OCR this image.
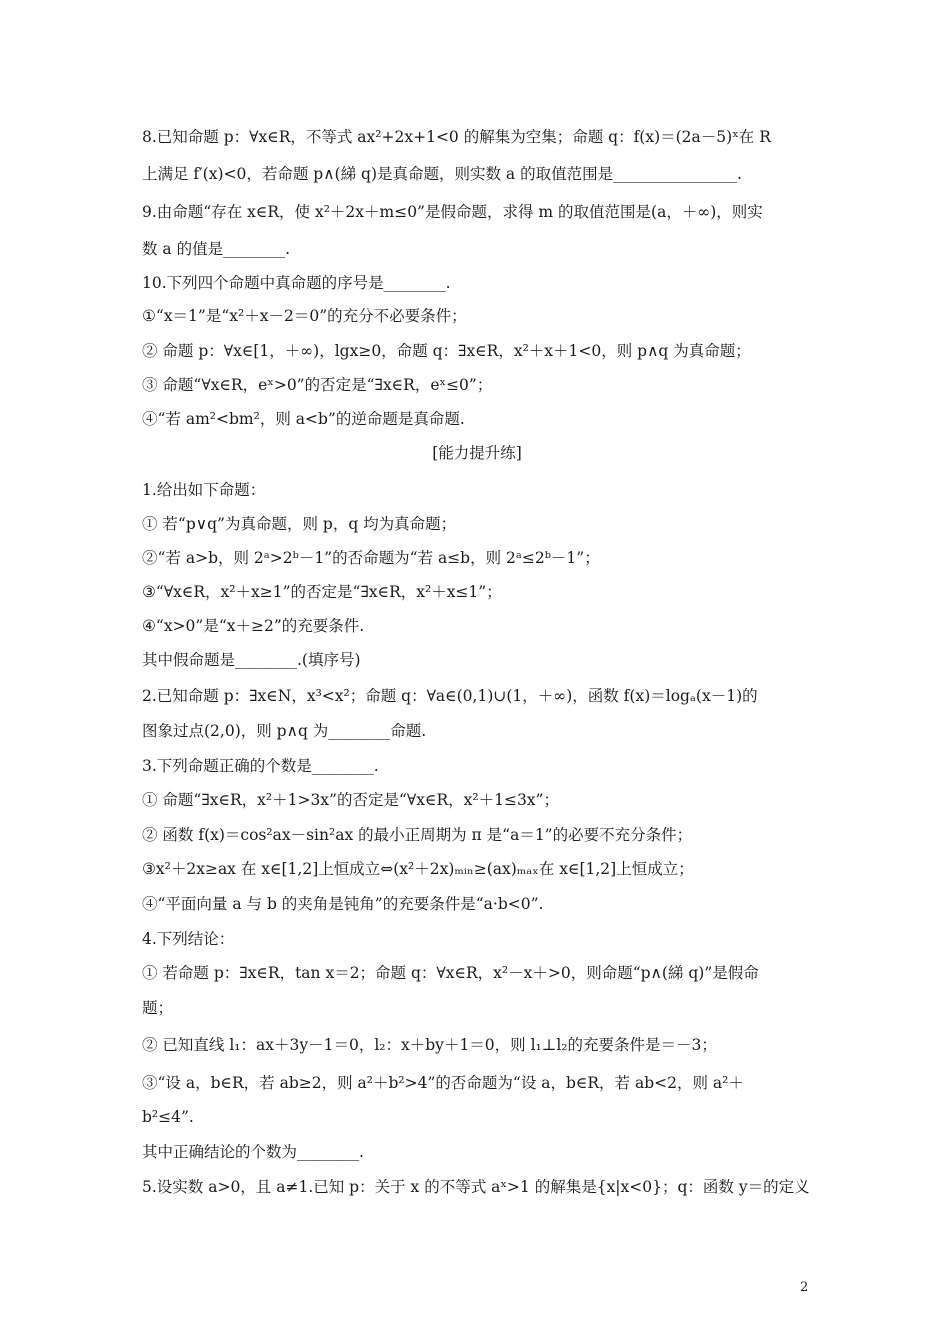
8.已知命题 p：∀x∈R，不等式 ax²+2x+1<0 的解集为空集；命题 q：f(x)＝(2a－5)ˣ在 R
上满足 f′(x)<0，若命题 p∧(綈 q)是真命题，则实数 a 的取值范围是________________.
9.由命题“存在 x∈R，使 x²＋2x＋m≤0”是假命题，求得 m 的取值范围是(a，＋∞)，则实
数 a 的值是________.
10.下列四个命题中真命题的序号是________.
①“x＝1”是“x²＋x－2＝0”的充分不必要条件；
② 命题 p：∀x∈[1，＋∞)，lgx≥0，命题 q：∃x∈R，x²＋x＋1<0，则 p∧q 为真命题；
③ 命题“∀x∈R，eˣ>0”的否定是“∃x∈R，eˣ≤0”；
④“若 am²<bm²，则 a<b”的逆命题是真命题.
[能力提升练]
1.给出如下命题：
① 若“p∨q”为真命题，则 p，q 均为真命题；
②“若 a>b，则 2ᵃ>2ᵇ－1”的否命题为“若 a≤b，则 2ᵃ≤2ᵇ－1”；
③“∀x∈R，x²＋x≥1”的否定是“∃x∈R，x²＋x≤1”；
④“x>0”是“x＋≥2”的充要条件.
其中假命题是________.(填序号)
2.已知命题 p：∃x∈N，x³<x²；命题 q：∀a∈(0,1)∪(1，＋∞)，函数 f(x)＝logₐ(x－1)的
图象过点(2,0)，则 p∧q 为________命题.
3.下列命题正确的个数是________.
① 命题“∃x∈R，x²＋1>3x”的否定是“∀x∈R，x²＋1≤3x”；
② 函数 f(x)＝cos²ax－sin²ax 的最小正周期为 π 是“a＝1”的必要不充分条件；
③x²＋2x≥ax 在 x∈[1,2]上恒成立⇔(x²＋2x)ₘᵢₙ≥(ax)ₘₐₓ在 x∈[1,2]上恒成立；
④“平面向量 a 与 b 的夹角是钝角”的充要条件是“a·b<0”.
4.下列结论：
① 若命题 p：∃x∈R，tan x＝2；命题 q：∀x∈R，x²－x＋>0，则命题“p∧(綈 q)”是假命
题；
② 已知直线 l₁：ax＋3y－1＝0，l₂：x＋by＋1＝0，则 l₁⊥l₂的充要条件是＝－3；
③“设 a，b∈R，若 ab≥2，则 a²＋b²>4”的否命题为“设 a，b∈R，若 ab<2，则 a²＋
b²≤4”.
其中正确结论的个数为________.
5.设实数 a>0，且 a≠1.已知 p：关于 x 的不等式 aˣ>1 的解集是{x|x<0}；q：函数 y＝的定义
2
